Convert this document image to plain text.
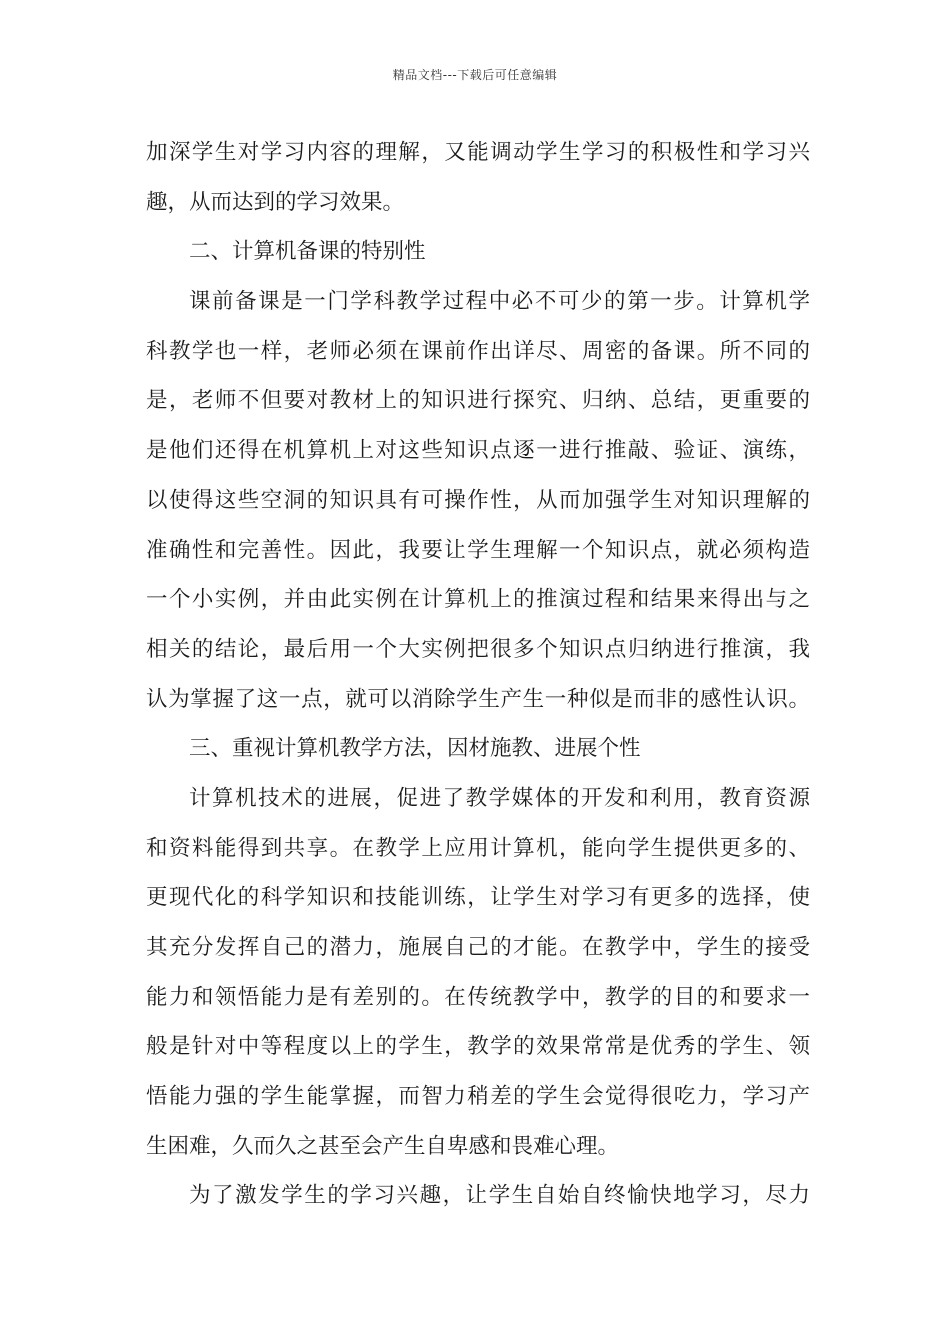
精品文档---下载后可任意编辑
加深学生对学习内容的理解，又能调动学生学习的积极性和学习兴
趣，从而达到的学习效果。
二、计算机备课的特别性
课前备课是一门学科教学过程中必不可少的第一步。计算机学
科教学也一样，老师必须在课前作出详尽、周密的备课。所不同的
是，老师不但要对教材上的知识进行探究、归纳、总结，更重要的
是他们还得在机算机上对这些知识点逐一进行推敲、验证、演练，
以使得这些空洞的知识具有可操作性，从而加强学生对知识理解的
准确性和完善性。因此，我要让学生理解一个知识点，就必须构造
一个小实例，并由此实例在计算机上的推演过程和结果来得出与之
相关的结论，最后用一个大实例把很多个知识点归纳进行推演，我
认为掌握了这一点，就可以消除学生产生一种似是而非的感性认识。
三、重视计算机教学方法，因材施教、进展个性
计算机技术的进展，促进了教学媒体的开发和利用，教育资源
和资料能得到共享。在教学上应用计算机，能向学生提供更多的、
更现代化的科学知识和技能训练，让学生对学习有更多的选择，使
其充分发挥自己的潜力，施展自己的才能。在教学中，学生的接受
能力和领悟能力是有差别的。在传统教学中，教学的目的和要求一
般是针对中等程度以上的学生，教学的效果常常是优秀的学生、领
悟能力强的学生能掌握，而智力稍差的学生会觉得很吃力，学习产
生困难，久而久之甚至会产生自卑感和畏难心理。
为了激发学生的学习兴趣，让学生自始自终愉快地学习，尽力
